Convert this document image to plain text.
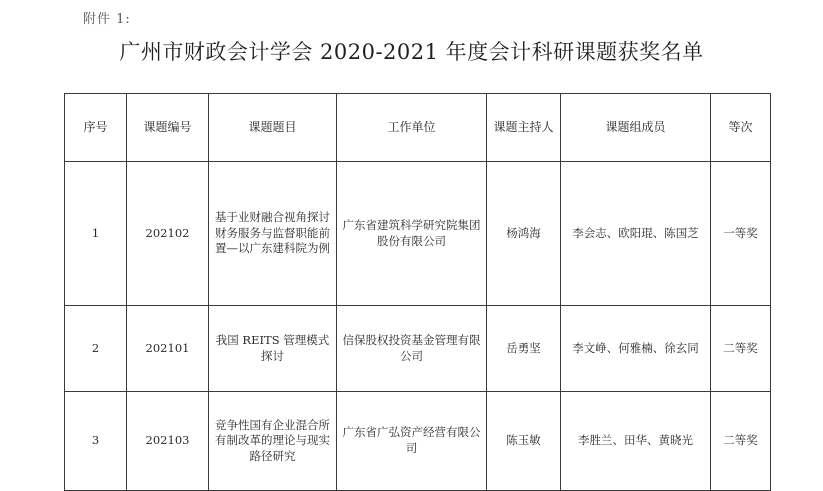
附件 1:
广州市财政会计学会 2020-2021 年度会计科研课题获奖名单
序号	课题编号	课题题目	工作单位	课题主持人	课题组成员	等次
1	202102	基于业财融合视角探讨财务服务与监督职能前置—以广东建科院为例	广东省建筑科学研究院集团股份有限公司	杨鸿海	李会志、欧阳琨、陈国芝	一等奖
2	202101	我国 REITS 管理模式探讨	信保股权投资基金管理有限公司	岳勇坚	李文峥、何雅楠、徐玄同	二等奖
3	202103	竞争性国有企业混合所有制改革的理论与现实路径研究	广东省广弘资产经营有限公司	陈玉敏	李胜兰、田华、黄晓光	二等奖
